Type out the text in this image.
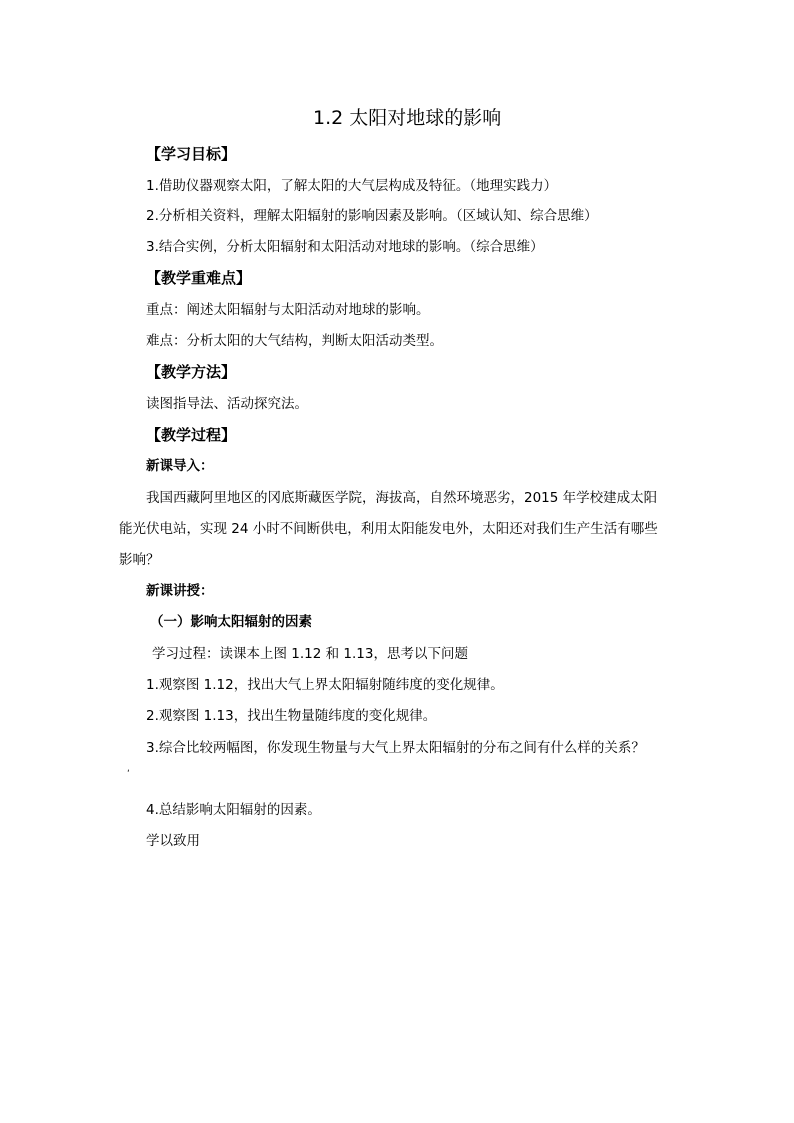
1.2 太阳对地球的影响
【学习目标】
1.借助仪器观察太阳，了解太阳的大气层构成及特征。（地理实践力）
2.分析相关资料，理解太阳辐射的影响因素及影响。（区域认知、综合思维）
3.结合实例，分析太阳辐射和太阳活动对地球的影响。（综合思维）
【教学重难点】
重点：阐述太阳辐射与太阳活动对地球的影响。
难点：分析太阳的大气结构，判断太阳活动类型。
【教学方法】
读图指导法、活动探究法。
【教学过程】
新课导入：
我国西藏阿里地区的冈底斯藏医学院，海拔高，自然环境恶劣，2015 年学校建成太阳
能光伏电站，实现 24 小时不间断供电，利用太阳能发电外，太阳还对我们生产生活有哪些
影响？
新课讲授：
（一）影响太阳辐射的因素
学习过程：读课本上图 1.12 和 1.13，思考以下问题
1.观察图 1.12，找出大气上界太阳辐射随纬度的变化规律。
2.观察图 1.13，找出生物量随纬度的变化规律。
3.综合比较两幅图，你发现生物量与大气上界太阳辐射的分布之间有什么样的关系？
‘
4.总结影响太阳辐射的因素。
学以致用
